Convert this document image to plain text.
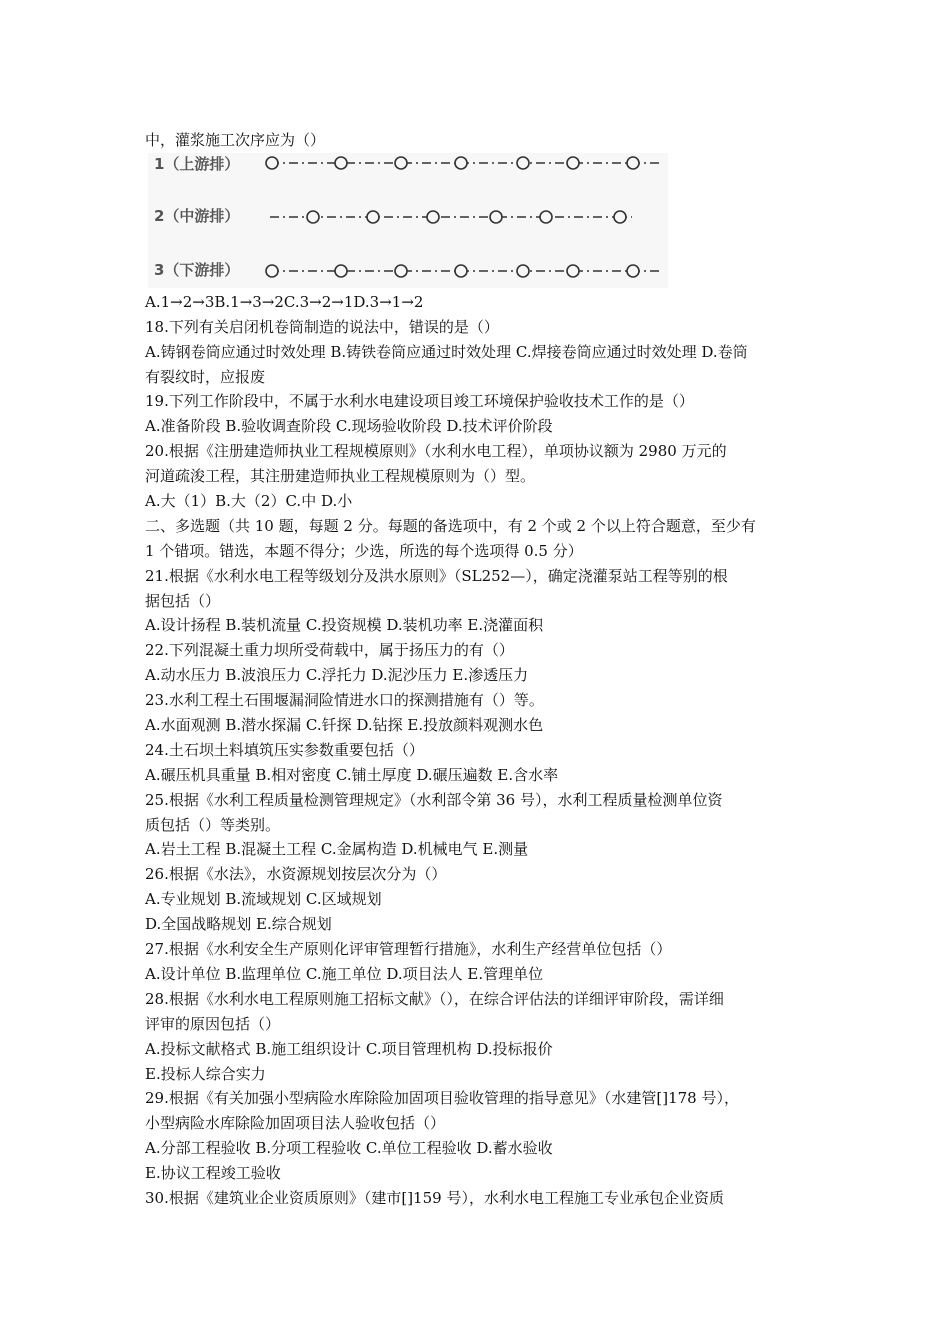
中，灌浆施工次序应为（）
1（上游排）
2（中游排）
3（下游排）
A.1→2→3B.1→3→2C.3→2→1D.3→1→2
18.下列有关启闭机卷筒制造的说法中，错误的是（）
A.铸钢卷筒应通过时效处理 B.铸铁卷筒应通过时效处理 C.焊接卷筒应通过时效处理 D.卷筒
有裂纹时，应报废
19.下列工作阶段中，不属于水利水电建设项目竣工环境保护验收技术工作的是（）
A.准备阶段 B.验收调查阶段 C.现场验收阶段 D.技术评价阶段
20.根据《注册建造师执业工程规模原则》（水利水电工程），单项协议额为 2980 万元的
河道疏浚工程，其注册建造师执业工程规模原则为（）型。
A.大（1）B.大（2）C.中 D.小
二、多选题（共 10 题，每题 2 分。每题的备选项中，有 2 个或 2 个以上符合题意，至少有
1 个错项。错选，本题不得分；少选，所选的每个选项得 0.5 分）
21.根据《水利水电工程等级划分及洪水原则》（SL252—），确定浇灌泵站工程等别的根
据包括（）
A.设计扬程 B.装机流量 C.投资规模 D.装机功率 E.浇灌面积
22.下列混凝土重力坝所受荷载中，属于扬压力的有（）
A.动水压力 B.波浪压力 C.浮托力 D.泥沙压力 E.渗透压力
23.水利工程土石围堰漏洞险情进水口的探测措施有（）等。
A.水面观测 B.潜水探漏 C.钎探 D.钻探 E.投放颜料观测水色
24.土石坝土料填筑压实参数重要包括（）
A.碾压机具重量 B.相对密度 C.铺土厚度 D.碾压遍数 E.含水率
25.根据《水利工程质量检测管理规定》（水利部令第 36 号），水利工程质量检测单位资
质包括（）等类别。
A.岩土工程 B.混凝土工程 C.金属构造 D.机械电气 E.测量
26.根据《水法》，水资源规划按层次分为（）
A.专业规划 B.流域规划 C.区域规划
D.全国战略规划 E.综合规划
27.根据《水利安全生产原则化评审管理暂行措施》，水利生产经营单位包括（）
A.设计单位 B.监理单位 C.施工单位 D.项目法人 E.管理单位
28.根据《水利水电工程原则施工招标文献》（），在综合评估法的详细评审阶段，需详细
评审的原因包括（）
A.投标文献格式 B.施工组织设计 C.项目管理机构 D.投标报价
E.投标人综合实力
29.根据《有关加强小型病险水库除险加固项目验收管理的指导意见》（水建管[]178 号），
小型病险水库除险加固项目法人验收包括（）
A.分部工程验收 B.分项工程验收 C.单位工程验收 D.蓄水验收
E.协议工程竣工验收
30.根据《建筑业企业资质原则》（建市[]159 号），水利水电工程施工专业承包企业资质
